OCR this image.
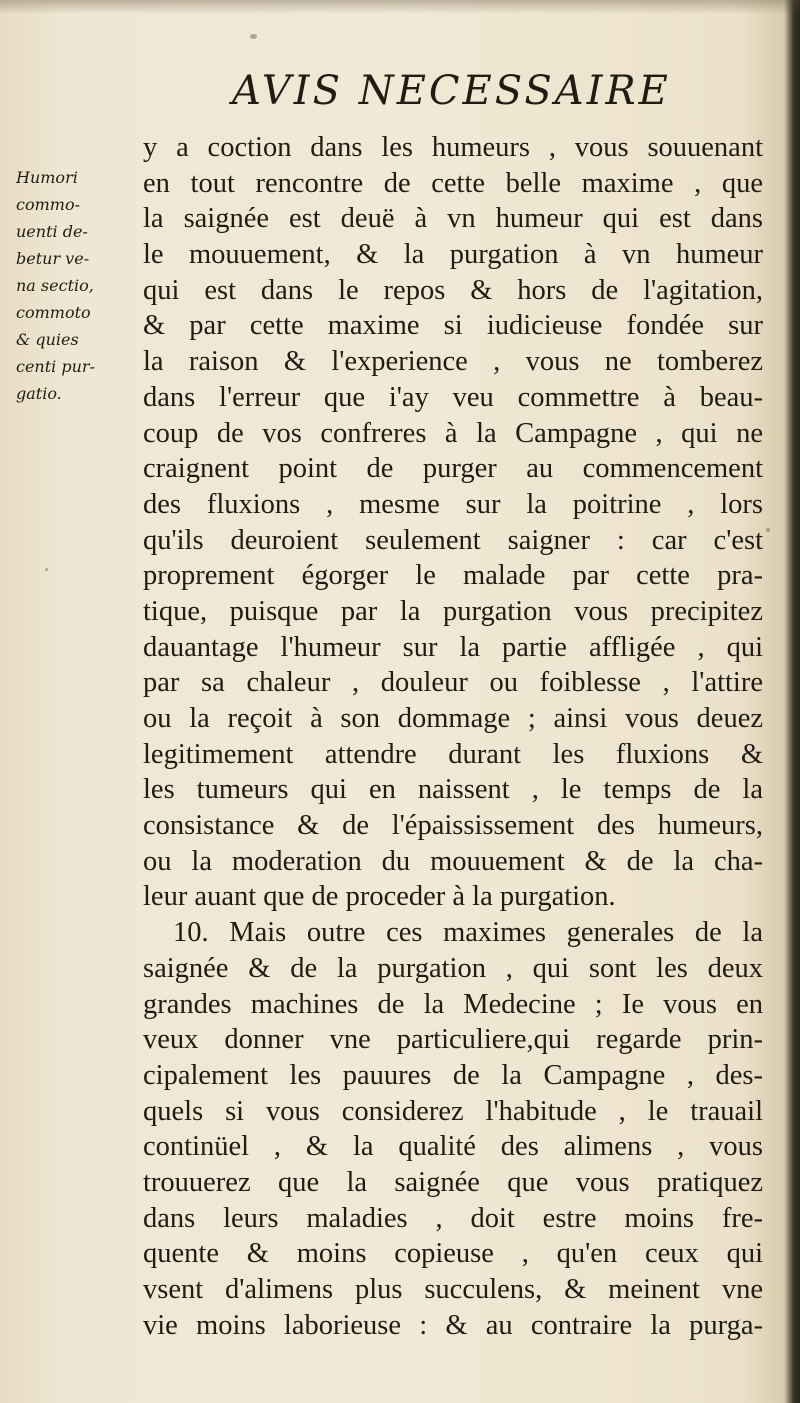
AVIS NECESSAIRE
Humori
commo-
uenti de-
betur ve-
na sectio,
commoto
& quies
centi pur-
gatio.
y a coction dans les humeurs , vous souuenant
en tout rencontre de cette belle maxime , que
la saignée est deuë à vn humeur qui est dans
le mouuement, & la purgation à vn humeur
qui est dans le repos & hors de l'agitation,
& par cette maxime si iudicieuse fondée sur
la raison & l'experience , vous ne tomberez
dans l'erreur que i'ay veu commettre à beau-
coup de vos confreres à la Campagne , qui ne
craignent point de purger au commencement
des fluxions , mesme sur la poitrine , lors
qu'ils deuroient seulement saigner : car c'est
proprement égorger le malade par cette pra-
tique, puisque par la purgation vous precipitez
dauantage l'humeur sur la partie affligée , qui
par sa chaleur , douleur ou foiblesse , l'attire
ou la reçoit à son dommage ; ainsi vous deuez
legitimement attendre durant les fluxions &
les tumeurs qui en naissent , le temps de la
consistance & de l'épaississement des humeurs,
ou la moderation du mouuement & de la cha-
leur auant que de proceder à la purgation.
10. Mais outre ces maximes generales de la
saignée & de la purgation , qui sont les deux
grandes machines de la Medecine ; Ie vous en
veux donner vne particuliere,qui regarde prin-
cipalement les pauures de la Campagne , des-
quels si vous considerez l'habitude , le trauail
continüel , & la qualité des alimens , vous
trouuerez que la saignée que vous pratiquez
dans leurs maladies , doit estre moins fre-
quente & moins copieuse , qu'en ceux qui
vsent d'alimens plus succulens, & meinent vne
vie moins laborieuse : & au contraire la purga-
